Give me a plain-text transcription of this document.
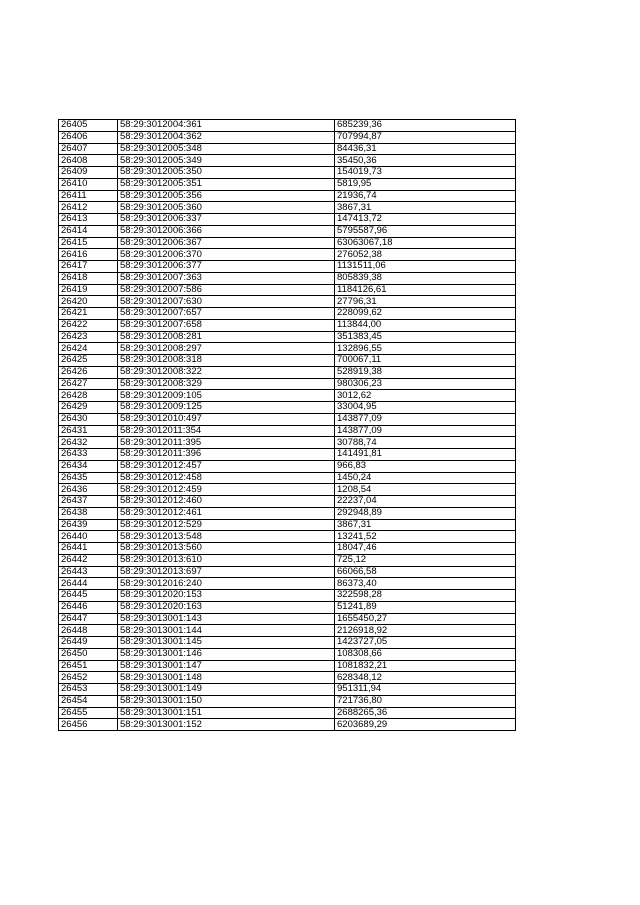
26405	58:29:3012004:361	685239,36
26406	58:29:3012004:362	707994,87
26407	58:29:3012005:348	84436,31
26408	58:29:3012005:349	35450,36
26409	58:29:3012005:350	154019,73
26410	58:29:3012005:351	5819,95
26411	58:29:3012005:356	21936,74
26412	58:29:3012005:360	3867,31
26413	58:29:3012006:337	147413,72
26414	58:29:3012006:366	5795587,96
26415	58:29:3012006:367	63063067,18
26416	58:29:3012006:370	276052,38
26417	58:29:3012006:377	1131511,06
26418	58:29:3012007:363	805839,38
26419	58:29:3012007:586	1184126,61
26420	58:29:3012007:630	27796,31
26421	58:29:3012007:657	228099,62
26422	58:29:3012007:658	113844,00
26423	58:29:3012008:281	351383,45
26424	58:29:3012008:297	132896,55
26425	58:29:3012008:318	700067,11
26426	58:29:3012008:322	528919,38
26427	58:29:3012008:329	980306,23
26428	58:29:3012009:105	3012,62
26429	58:29:3012009:125	33004,95
26430	58:29:3012010:497	143877,09
26431	58:29:3012011:354	143877,09
26432	58:29:3012011:395	30788,74
26433	58:29:3012011:396	141491,81
26434	58:29:3012012:457	966,83
26435	58:29:3012012:458	1450,24
26436	58:29:3012012:459	1208,54
26437	58:29:3012012:460	22237,04
26438	58:29:3012012:461	292948,89
26439	58:29:3012012:529	3867,31
26440	58:29:3012013:548	13241,52
26441	58:29:3012013:560	18047,46
26442	58:29:3012013:610	725,12
26443	58:29:3012013:697	66066,58
26444	58:29:3012016:240	86373,40
26445	58:29:3012020:153	322598,28
26446	58:29:3012020:163	51241,89
26447	58:29:3013001:143	1655450,27
26448	58:29:3013001:144	2126918,92
26449	58:29:3013001:145	1423727,05
26450	58:29:3013001:146	108308,66
26451	58:29:3013001:147	1081832,21
26452	58:29:3013001:148	628348,12
26453	58:29:3013001:149	951311,94
26454	58:29:3013001:150	721736,80
26455	58:29:3013001:151	2688265,36
26456	58:29:3013001:152	6203689,29
